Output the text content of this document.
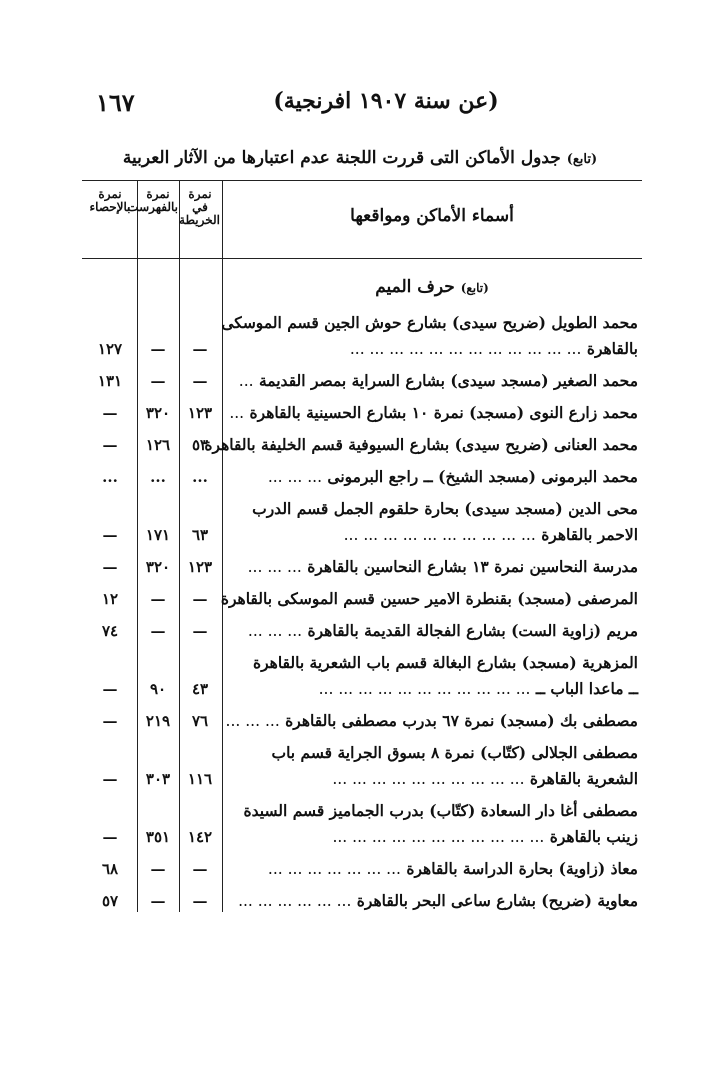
(عن سنة ١٩٠٧ افرنجية)
١٦٧
(تابع) جدول الأماكن التى قررت اللجنة عدم اعتبارها من الآثار العربية
أسماء الأماكن ومواقعها
نمرة في
الخريطة
نمرة
بالفهرست
نمرة
بالإحصاء
(تابع) حرف الميم
محمد الطويل (ضريح سيدى) بشارع حوش الجين قسم الموسكى
بالقاهرة ... ... ... ... ... ... ... ... ... ... ... ...
—
—
١٢٧
محمد الصغير (مسجد سيدى) بشارع السراية بمصر القديمة ...
—
—
١٣١
محمد زارع النوى (مسجد) نمرة ١٠ بشارع الحسينية بالقاهرة ...
١٢٣
٣٢٠
—
محمد العنانى (ضريح سيدى) بشارع السيوفية قسم الخليفة بالقاهرة
٥٣
١٢٦
—
محمد البرمونى (مسجد الشيخ) ــ راجع البرمونى ... ... ...
...
...
...
محى الدين (مسجد سيدى) بحارة حلقوم الجمل قسم الدرب
الاحمر بالقاهرة ... ... ... ... ... ... ... ... ... ...
٦٣
١٧١
—
مدرسة النحاسين نمرة ١٣ بشارع النحاسين بالقاهرة ... ... ...
١٢٣
٣٢٠
—
المرصفى (مسجد) بقنطرة الامير حسين قسم الموسكى بالقاهرة
—
—
١٢
مريم (زاوية الست) بشارع الفجالة القديمة بالقاهرة ... ... ...
—
—
٧٤
المزهرية (مسجد) بشارع البغالة قسم باب الشعرية بالقاهرة
ــ ماعدا الباب ــ ... ... ... ... ... ... ... ... ... ... ...
٤٣
٩٠
—
مصطفى بك (مسجد) نمرة ٦٧ بدرب مصطفى بالقاهرة ... ... ...
٧٦
٢١٩
—
مصطفى الجلالى (كتّاب) نمرة ٨ بسوق الجراية قسم باب
الشعرية بالقاهرة ... ... ... ... ... ... ... ... ... ...
١١٦
٣٠٣
—
مصطفى أغا دار السعادة (كتّاب) بدرب الجماميز قسم السيدة
زينب بالقاهرة ... ... ... ... ... ... ... ... ... ... ...
١٤٢
٣٥١
—
معاذ (زاوية) بحارة الدراسة بالقاهرة ... ... ... ... ... ... ...
—
—
٦٨
معاوية (ضريح) بشارع ساعى البحر بالقاهرة ... ... ... ... ... ...
—
—
٥٧
